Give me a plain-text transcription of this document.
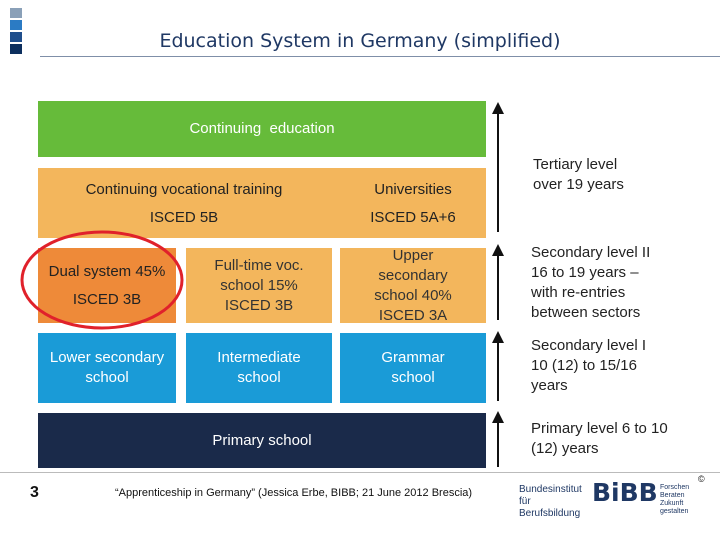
Education System in Germany (simplified)
Continuing  education
Continuing vocational training	Universities
ISCED 5B	ISCED 5A+6
Dual system 45%
ISCED 3B
Full-time voc. school 15% ISCED 3B
Upper secondary school 40% ISCED 3A
Lower secondary school
Intermediate school
Grammar school
Primary school
Tertiary level over 19 years
Secondary level II 16 to 19 years – with re-entries between sectors
Secondary level I 10 (12) to 15/16 years
Primary level 6 to 10 (12) years
3	“Apprenticeship in Germany” (Jessica Erbe, BIBB; 21 June 2012 Brescia)	Bundesinstitut für Berufsbildung
BiBB Forschen Beraten Zukunft gestalten
©
